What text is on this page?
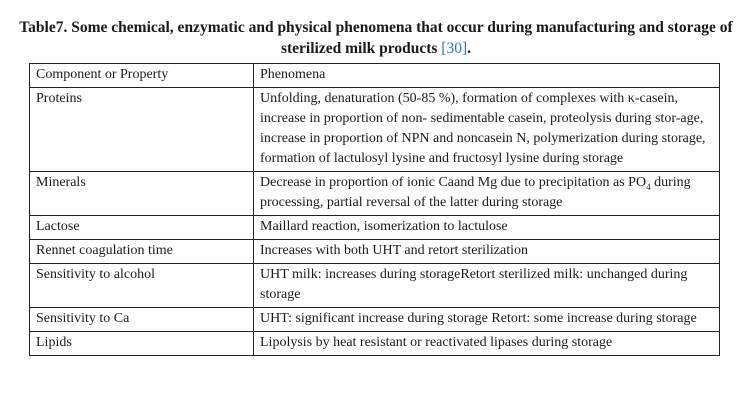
Table7. Some chemical, enzymatic and physical phenomena that occur during manufacturing and storage of sterilized milk products [30].
Component or Property	Phenomena
Proteins	Unfolding, denaturation (50-85 %), formation of complexes with κ-casein, increase in proportion of non- sedimentable casein, proteolysis during stor-age, increase in proportion of NPN and noncasein N, polymerization during storage, formation of lactulosyl lysine and fructosyl lysine during storage
Minerals	Decrease in proportion of ionic Caand Mg due to precipitation as $PO_4$ during processing, partial reversal of the latter during storage
Lactose	Maillard reaction, isomerization to lactulose
Rennet coagulation time	Increases with both UHT and retort sterilization
Sensitivity to alcohol	UHT milk: increases during storageRetort sterilized milk: unchanged during storage
Sensitivity to Ca	UHT: significant increase during storage Retort: some increase during storage
Lipids	Lipolysis by heat resistant or reactivated lipases during storage
